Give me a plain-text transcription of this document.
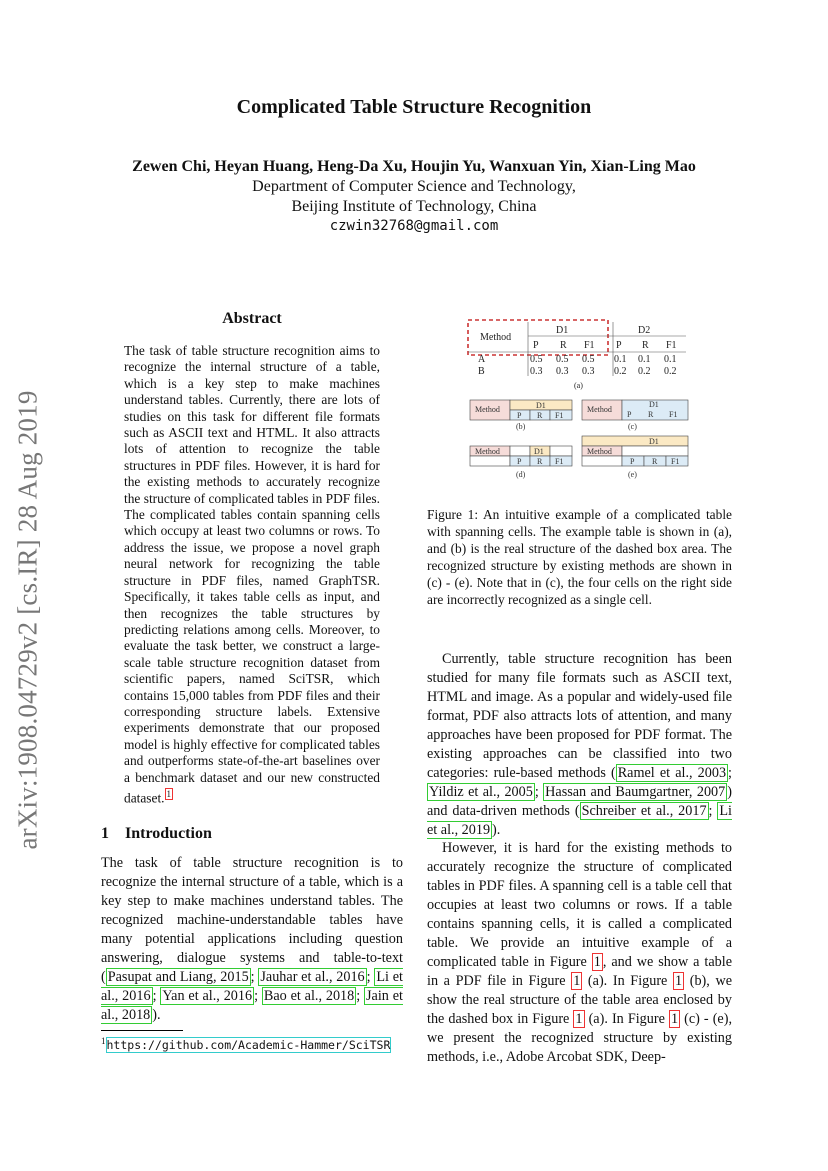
Complicated Table Structure Recognition
Zewen Chi, Heyan Huang, Heng-Da Xu, Houjin Yu, Wanxuan Yin, Xian-Ling Mao
Department of Computer Science and Technology,
Beijing Institute of Technology, China
czwin32768@gmail.com
arXiv:1908.04729v2 [cs.IR] 28 Aug 2019
Abstract
The task of table structure recognition aims to recognize the internal structure of a table, which is a key step to make machines understand tables. Currently, there are lots of studies on this task for different file formats such as ASCII text and HTML. It also attracts lots of attention to recognize the table structures in PDF files. However, it is hard for the existing methods to accurately recognize the structure of complicated tables in PDF files. The complicated tables contain spanning cells which occupy at least two columns or rows. To address the issue, we propose a novel graph neural network for recognizing the table structure in PDF files, named GraphTSR. Specifically, it takes table cells as input, and then recognizes the table structures by predicting relations among cells. Moreover, to evaluate the task better, we construct a large-scale table structure recognition dataset from scientific papers, named SciTSR, which contains 15,000 tables from PDF files and their corresponding structure labels. Extensive experiments demonstrate that our proposed model is highly effective for complicated tables and outperforms state-of-the-art baselines over a benchmark dataset and our new constructed dataset. $^1$
1 Introduction
The task of table structure recognition is to recognize the internal structure of a table, which is a key step to make machines understand tables. The recognized machine-understandable tables have many potential applications including question answering, dialogue systems and table-to-text ( Pasupat and Liang, 2015 ; Jauhar et al., 2016 ; Li et al., 2016 ; Yan et al., 2016 ; Bao et al., 2018 ; Jain et al., 2018 ).
$^1$https://github.com/Academic-Hammer/SciTSR
Method
D1	D2
P R F1 P R F1
A	0.5 0.5 0.5 0.1 0.1 0.1
B	0.3 0.3 0.3 0.2 0.2 0.2
(a)
Method	D1
P R F1
(b)
Method
D1
P R F1
(c)
Method	D1
P R F1
(d)
D1
Method
P R F1
(e)
Figure 1: An intuitive example of a complicated table with spanning cells. The example table is shown in (a), and (b) is the real structure of the dashed box area. The recognized structure by existing methods are shown in (c) - (e). Note that in (c), the four cells on the right side are incorrectly recognized as a single cell.
Currently, table structure recognition has been studied for many file formats such as ASCII text, HTML and image. As a popular and widely-used file format, PDF also attracts lots of attention, and many approaches have been proposed for PDF format. The existing approaches can be classified into two categories: rule-based methods ( Ramel et al., 2003 ; Yildiz et al., 2005 ; Hassan and Baumgartner, 2007 ) and data-driven methods ( Schreiber et al., 2017 ; Li et al., 2019 ).
However, it is hard for the existing methods to accurately recognize the structure of complicated tables in PDF files. A spanning cell is a table cell that occupies at least two columns or rows. If a table contains spanning cells, it is called a complicated table. We provide an intuitive example of a complicated table in Figure 1 , and we show a table in a PDF file in Figure 1 (a). In Figure 1 (b), we show the real structure of the table area enclosed by the dashed box in Figure 1 (a). In Figure 1 (c) - (e), we present the recognized structure by existing methods, i.e., Adobe Arcobat SDK, Deep-
